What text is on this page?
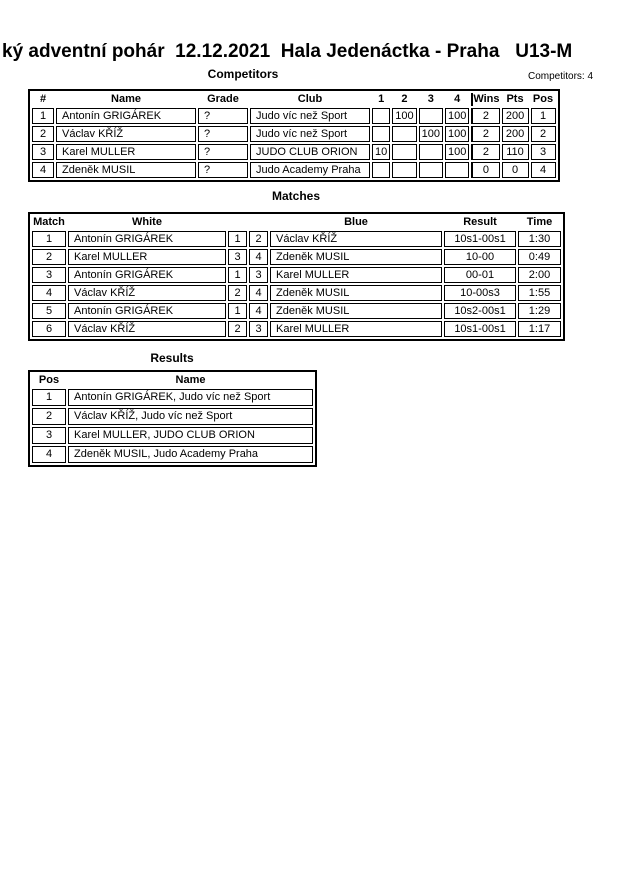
ký adventní pohár  12.12.2021  Hala Jedenáctka - Praha   U13-M
Competitors	Competitors: 4
#	Name	Grade	Club	1	2	3	4	Wins	Pts	Pos
1	Antonín GRIGÁREK	?	Judo víc než Sport		100		100	2	200	1
2	Václav KŘÍŽ	?	Judo víc než Sport			100	100	2	200	2
3	Karel MULLER	?	JUDO CLUB ORION	10			100	2	110	3
4	Zdeněk MUSIL	?	Judo Academy Praha					0	0	4
Matches
Match	White			Blue	Result	Time
1	Antonín GRIGÁREK	1	2	Václav KŘÍŽ	10s1-00s1	1:30
2	Karel MULLER	3	4	Zdeněk MUSIL	10-00	0:49
3	Antonín GRIGÁREK	1	3	Karel MULLER	00-01	2:00
4	Václav KŘÍŽ	2	4	Zdeněk MUSIL	10-00s3	1:55
5	Antonín GRIGÁREK	1	4	Zdeněk MUSIL	10s2-00s1	1:29
6	Václav KŘÍŽ	2	3	Karel MULLER	10s1-00s1	1:17
Results
Pos	Name
1	Antonín GRIGÁREK, Judo víc než Sport
2	Václav KŘÍŽ, Judo víc než Sport
3	Karel MULLER, JUDO CLUB ORION
4	Zdeněk MUSIL, Judo Academy Praha
